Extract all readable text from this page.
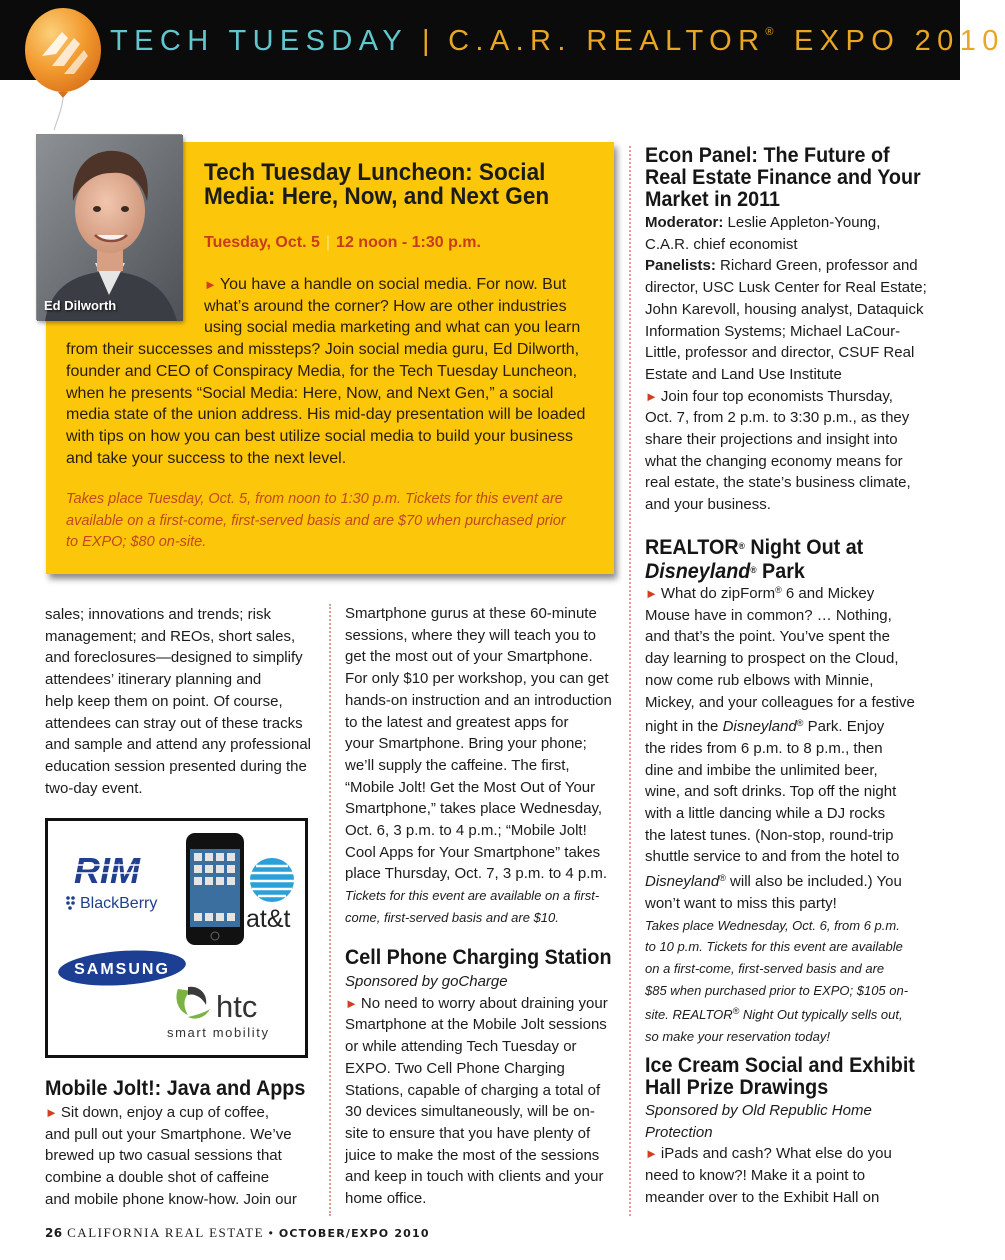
TECH TUESDAY | C.A.R. REALTOR® EXPO 2010
Ed Dilworth
Tech Tuesday Luncheon: Social
Media: Here, Now, and Next Gen
Tuesday, Oct. 5 | 12 noon - 1:30 p.m.
► You have a handle on social media. For now. But
what’s around the corner? How are other industries
using social media marketing and what can you learn
from their successes and missteps? Join social media guru, Ed Dilworth,
founder and CEO of Conspiracy Media, for the Tech Tuesday Luncheon,
when he presents “Social Media: Here, Now, and Next Gen,” a social
media state of the union address. His mid-day presentation will be loaded
with tips on how you can best utilize social media to build your business
and take your success to the next level.
Takes place Tuesday, Oct. 5, from noon to 1:30 p.m. Tickets for this event are
available on a first-come, first-served basis and are $70 when purchased prior
to EXPO; $80 on-site.
sales; innovations and trends; risk
management; and REOs, short sales,
and foreclosures—designed to simplify
attendees’ itinerary planning and
help keep them on point. Of course,
attendees can stray out of these tracks
and sample and attend any professional
education session presented during the
two-day event.
RIM
BlackBerry
at&t
SAMSUNG
htc
smart mobility
Mobile Jolt!: Java and Apps
► Sit down, enjoy a cup of coffee,
and pull out your Smartphone. We’ve
brewed up two casual sessions that
combine a double shot of caffeine
and mobile phone know-how. Join our
Smartphone gurus at these 60-minute
sessions, where they will teach you to
get the most out of your Smartphone.
For only $10 per workshop, you can get
hands-on instruction and an introduction
to the latest and greatest apps for
your Smartphone. Bring your phone;
we’ll supply the caffeine. The first,
“Mobile Jolt! Get the Most Out of Your
Smartphone,” takes place Wednesday,
Oct. 6, 3 p.m. to 4 p.m.; “Mobile Jolt!
Cool Apps for Your Smartphone” takes
place Thursday, Oct. 7, 3 p.m. to 4 p.m.
Tickets for this event are available on a first-
come, first-served basis and are $10.
Cell Phone Charging Station
Sponsored by goCharge
► No need to worry about draining your
Smartphone at the Mobile Jolt sessions
or while attending Tech Tuesday or
EXPO. Two Cell Phone Charging
Stations, capable of charging a total of
30 devices simultaneously, will be on-
site to ensure that you have plenty of
juice to make the most of the sessions
and keep in touch with clients and your
home office.
Econ Panel: The Future of
Real Estate Finance and Your
Market in 2011
Moderator: Leslie Appleton-Young,
C.A.R. chief economist
Panelists: Richard Green, professor and
director, USC Lusk Center for Real Estate;
John Karevoll, housing analyst, Dataquick
Information Systems; Michael LaCour-
Little, professor and director, CSUF Real
Estate and Land Use Institute
► Join four top economists Thursday,
Oct. 7, from 2 p.m. to 3:30 p.m., as they
share their projections and insight into
what the changing economy means for
real estate, the state’s business climate,
and your business.
REALTOR® Night Out at
Disneyland® Park
► What do zipForm® 6 and Mickey
Mouse have in common? … Nothing,
and that’s the point. You’ve spent the
day learning to prospect on the Cloud,
now come rub elbows with Minnie,
Mickey, and your colleagues for a festive
night in the Disneyland® Park. Enjoy
the rides from 6 p.m. to 8 p.m., then
dine and imbibe the unlimited beer,
wine, and soft drinks. Top off the night
with a little dancing while a DJ rocks
the latest tunes. (Non-stop, round-trip
shuttle service to and from the hotel to
Disneyland® will also be included.) You
won’t want to miss this party!
Takes place Wednesday, Oct. 6, from 6 p.m.
to 10 p.m. Tickets for this event are available
on a first-come, first-served basis and are
$85 when purchased prior to EXPO; $105 on-
site. REALTOR® Night Out typically sells out,
so make your reservation today!
Ice Cream Social and Exhibit
Hall Prize Drawings
Sponsored by Old Republic Home
Protection
► iPads and cash? What else do you
need to know?! Make it a point to
meander over to the Exhibit Hall on
26 CALIFORNIA REAL ESTATE • OCTOBER/EXPO 2010
